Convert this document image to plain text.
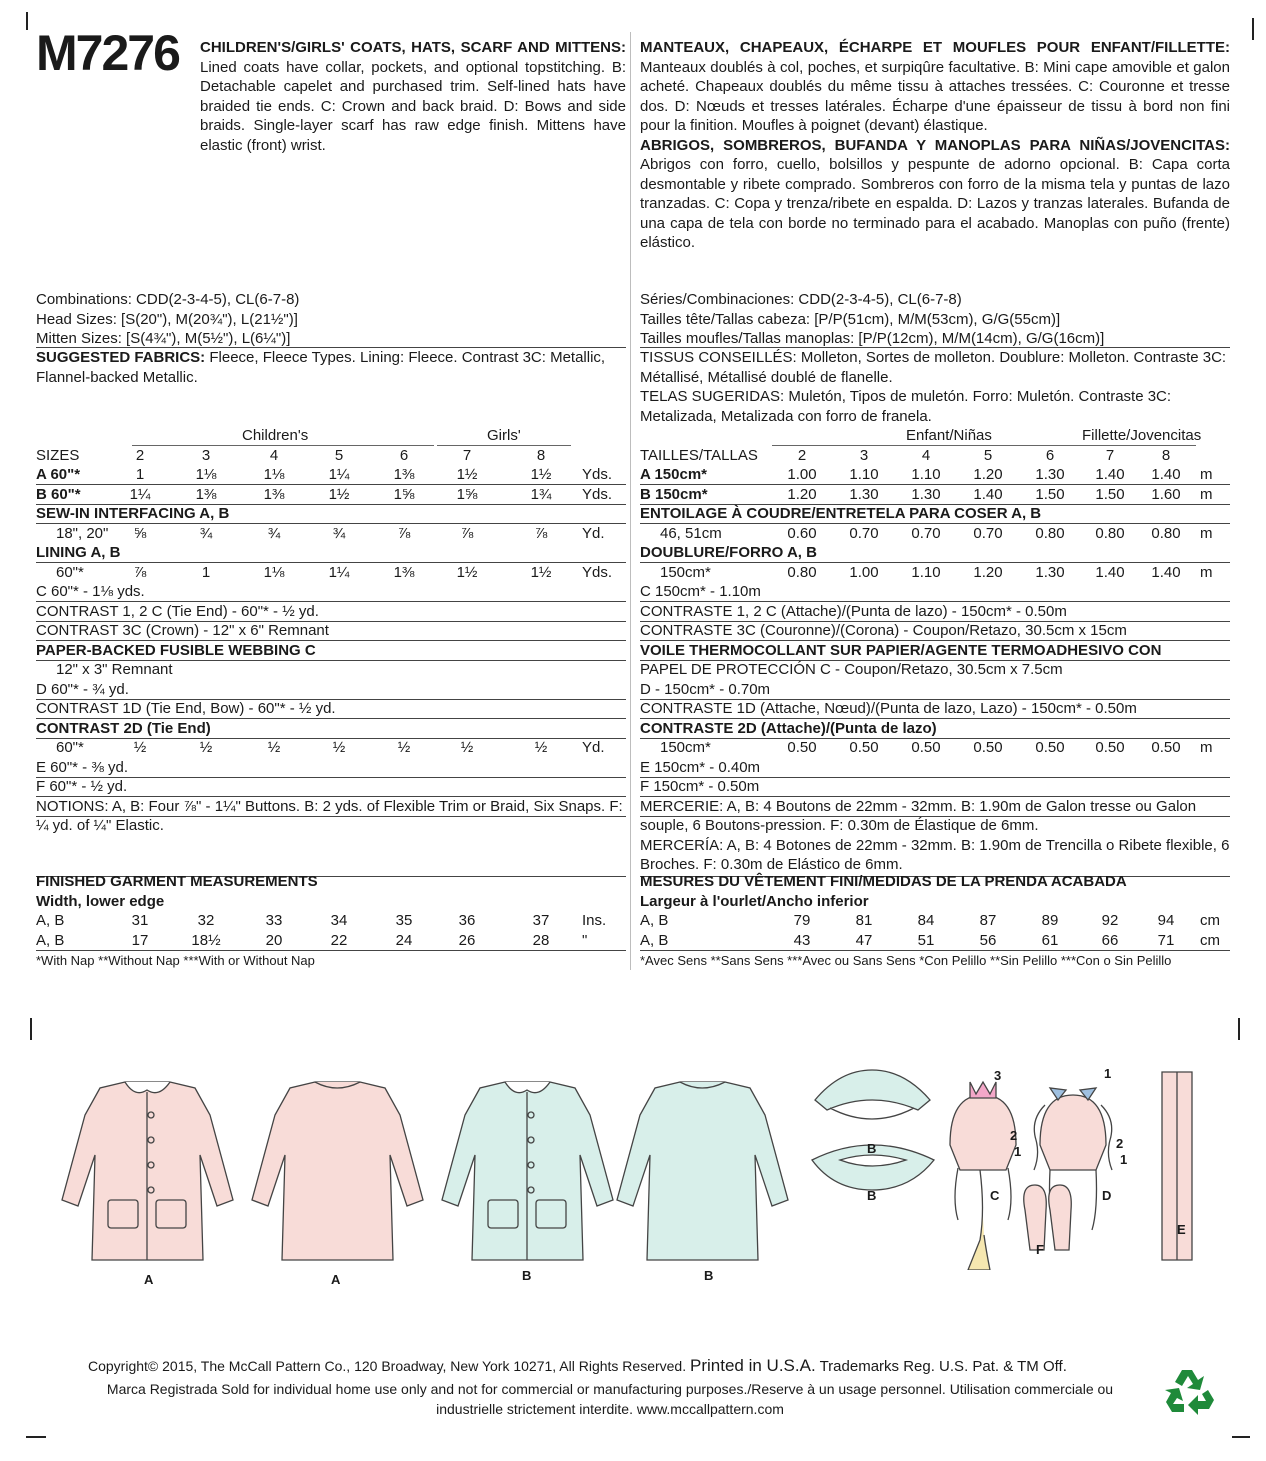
M7276 CHILDREN'S/GIRLS' COATS, HATS, SCARF AND MITTENS: Lined coats have collar, pockets, and optional topstitching. B: Detachable capelet and purchased trim. Self-lined hats have braided tie ends. C: Crown and back braid. D: Bows and side braids. Single-layer scarf has raw edge finish. Mittens have elastic (front) wrist.

Combinations: CDD(2-3-4-5), CL(6-7-8)

Head Sizes: [S(20"), M(20¾"), L(21½")]

Mitten Sizes: [S(4¾"), M(5½"), L(6¼")]

SUGGESTED FABRICS: Fleece, Fleece Types. Lining: Fleece. Contrast 3C: Metallic, Flannel-backed Metallic.

Children's	Girls'
SIZES	2	3	4	5	6	7	8
A 60"*	1	1⅛	1⅛	1¼	1⅜	1½	1½	Yds.
B 60"*	1¼	1⅜	1⅜	1½	1⅝	1⅝	1¾	Yds.
SEW-IN INTERFACING A, B
18", 20"	⅝	¾	¾	¾	⅞	⅞	⅞	Yd.
LINING A, B
60"*	⅞	1	1⅛	1¼	1⅜	1½	1½	Yds.
C 60"* - 1⅛ yds.
CONTRAST 1, 2 C (Tie End) - 60"* - ½ yd.
CONTRAST 3C (Crown) - 12" x 6" Remnant
PAPER-BACKED FUSIBLE WEBBING C
12" x 3" Remnant
D 60"* - ¾ yd.
CONTRAST 1D (Tie End, Bow) - 60"* - ½ yd.
CONTRAST 2D (Tie End)
60"*	½	½	½	½	½	½	½	Yd.
E 60"* - ⅜ yd.
F 60"* - ½ yd.
NOTIONS: A, B: Four ⅞" - 1¼" Buttons. B: 2 yds. of Flexible Trim or Braid, Six Snaps. F: ¼ yd. of ¼" Elastic.
FINISHED GARMENT MEASUREMENTS
Width, lower edge
A, B	31	32	33	34	35	36	37	Ins.
A, B	17	18½	20	22	24	26	28	"
*With Nap **Without Nap ***With or Without Nap

MANTEAUX, CHAPEAUX, ÉCHARPE ET MOUFLES POUR ENFANT/FILLETTE: Manteaux doublés à col, poches, et surpiqûre facultative. B: Mini cape amovible et galon acheté. Chapeaux doublés du même tissu à attaches tressées. C: Couronne et tresse dos. D: Nœuds et tresses latérales. Écharpe d'une épaisseur de tissu à bord non fini pour la finition. Moufles à poignet (devant) élastique.

ABRIGOS, SOMBREROS, BUFANDA Y MANOPLAS PARA NIÑAS/JOVENCITAS: Abrigos con forro, cuello, bolsillos y pespunte de adorno opcional. B: Capa corta desmontable y ribete comprado. Sombreros con forro de la misma tela y puntas de lazo tranzadas. C: Copa y trenza/ribete en espalda. D: Lazos y tranzas laterales. Bufanda de una capa de tela con borde no terminado para el acabado. Manoplas con puño (frente) elástico.

Séries/Combinaciones: CDD(2-3-4-5), CL(6-7-8)

Tailles tête/Tallas cabeza: [P/P(51cm), M/M(53cm), G/G(55cm)]

Tailles moufles/Tallas manoplas: [P/P(12cm), M/M(14cm), G/G(16cm)]

TISSUS CONSEILLÉS: Molleton, Sortes de molleton. Doublure: Molleton. Contraste 3C: Métallisé, Métallisé doublé de flanelle.

TELAS SUGERIDAS: Muletón, Tipos de muletón. Forro: Muletón. Contraste 3C: Metalizada, Metalizada con forro de franela.

Enfant/Niñas	Fillette/Jovencitas
TAILLES/TALLAS	2	3	4	5	6	7	8
A 150cm*	1.00	1.10	1.10	1.20	1.30	1.40	1.40	m
B 150cm*	1.20	1.30	1.30	1.40	1.50	1.50	1.60	m
ENTOILAGE À COUDRE/ENTRETELA PARA COSER A, B
46, 51cm	0.60	0.70	0.70	0.70	0.80	0.80	0.80	m
DOUBLURE/FORRO A, B
150cm*	0.80	1.00	1.10	1.20	1.30	1.40	1.40	m
C 150cm* - 1.10m
CONTRASTE 1, 2 C (Attache)/(Punta de lazo) - 150cm* - 0.50m
CONTRASTE 3C (Couronne)/(Corona) - Coupon/Retazo, 30.5cm x 15cm
VOILE THERMOCOLLANT SUR PAPIER/AGENTE TERMOADHESIVO CON
PAPEL DE PROTECCIÓN C - Coupon/Retazo, 30.5cm x 7.5cm
D - 150cm* - 0.70m
CONTRASTE 1D (Attache, Nœud)/(Punta de lazo, Lazo) - 150cm* - 0.50m
CONTRASTE 2D (Attache)/(Punta de lazo)
150cm*	0.50	0.50	0.50	0.50	0.50	0.50	0.50	m
E 150cm* - 0.40m
F 150cm* - 0.50m
MERCERIE: A, B: 4 Boutons de 22mm - 32mm. B: 1.90m de Galon tresse ou Galon souple, 6 Boutons-pression. F: 0.30m de Élastique de 6mm.
MERCERÍA: A, B: 4 Botones de 22mm - 32mm. B: 1.90m de Trencilla o Ribete flexible, 6 Broches. F: 0.30m de Elástico de 6mm.
MESURES DU VÊTEMENT FINI/MEDIDAS DE LA PRENDA ACABADA
Largeur à l'ourlet/Ancho inferior
A, B	79	81	84	87	89	92	94	cm
A, B	43	47	51	56	61	66	71	cm
*Avec Sens **Sans Sens ***Avec ou Sans Sens *Con Pelillo **Sin Pelillo ***Con o Sin Pelillo
A	A	B	B
B
B	C	D
E
F
3
2
1
1
2
1
Copyright© 2015, The McCall Pattern Co., 120 Broadway, New York 10271, All Rights Reserved. Printed in U.S.A. Trademarks Reg. U.S. Pat. & TM Off.
Marca Registrada Sold for individual home use only and not for commercial or manufacturing purposes./Reserve à un usage personnel. Utilisation commerciale ou
industrielle strictement interdite. www.mccallpattern.com
